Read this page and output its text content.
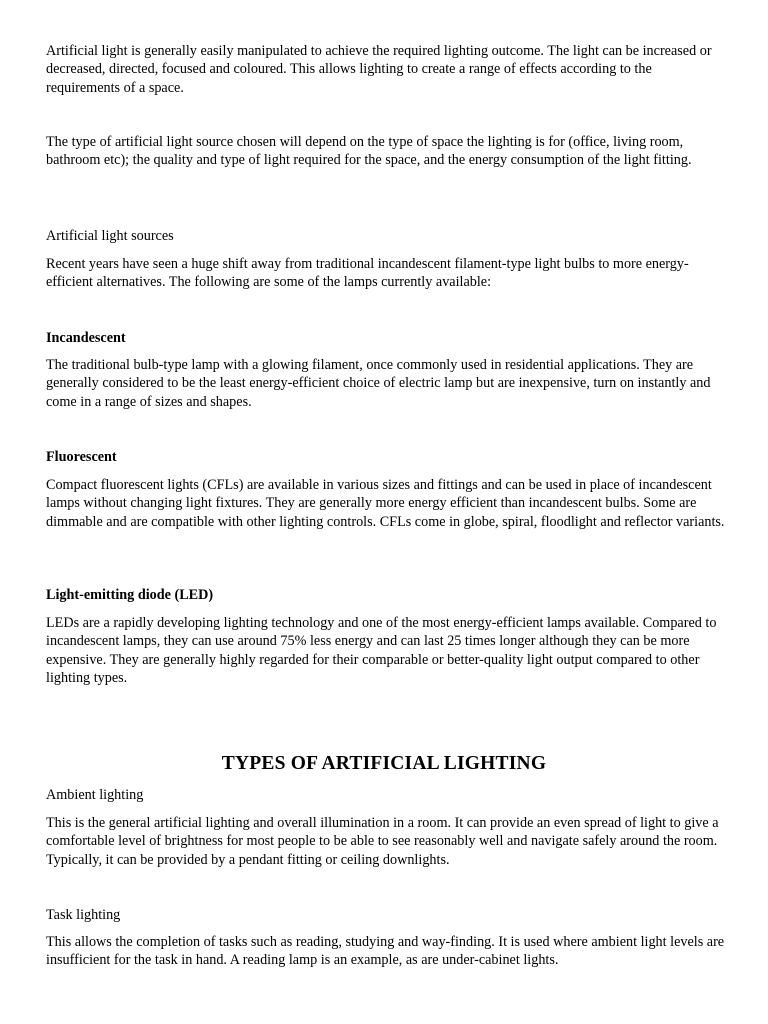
Artificial light is generally easily manipulated to achieve the required lighting outcome. The light can be increased or decreased, directed, focused and coloured. This allows lighting to create a range of effects according to the requirements of a space.

The type of artificial light source chosen will depend on the type of space the lighting is for (office, living room, bathroom etc); the quality and type of light required for the space, and the energy consumption of the light fitting.

Artificial light sources

Recent years have seen a huge shift away from traditional incandescent filament-type light bulbs to more energy-efficient alternatives. The following are some of the lamps currently available:

Incandescent

The traditional bulb-type lamp with a glowing filament, once commonly used in residential applications. They are generally considered to be the least energy-efficient choice of electric lamp but are inexpensive, turn on instantly and come in a range of sizes and shapes.

Fluorescent

Compact fluorescent lights (CFLs) are available in various sizes and fittings and can be used in place of incandescent lamps without changing light fixtures. They are generally more energy efficient than incandescent bulbs. Some are dimmable and are compatible with other lighting controls. CFLs come in globe, spiral, floodlight and reflector variants.

Light-emitting diode (LED)

LEDs are a rapidly developing lighting technology and one of the most energy-efficient lamps available. Compared to incandescent lamps, they can use around 75% less energy and can last 25 times longer although they can be more expensive. They are generally highly regarded for their comparable or better-quality light output compared to other lighting types.

TYPES OF ARTIFICIAL LIGHTING
Ambient lighting

This is the general artificial lighting and overall illumination in a room. It can provide an even spread of light to give a comfortable level of brightness for most people to be able to see reasonably well and navigate safely around the room. Typically, it can be provided by a pendant fitting or ceiling downlights.

Task lighting

This allows the completion of tasks such as reading, studying and way-finding. It is used where ambient light levels are insufficient for the task in hand. A reading lamp is an example, as are under-cabinet lights.
